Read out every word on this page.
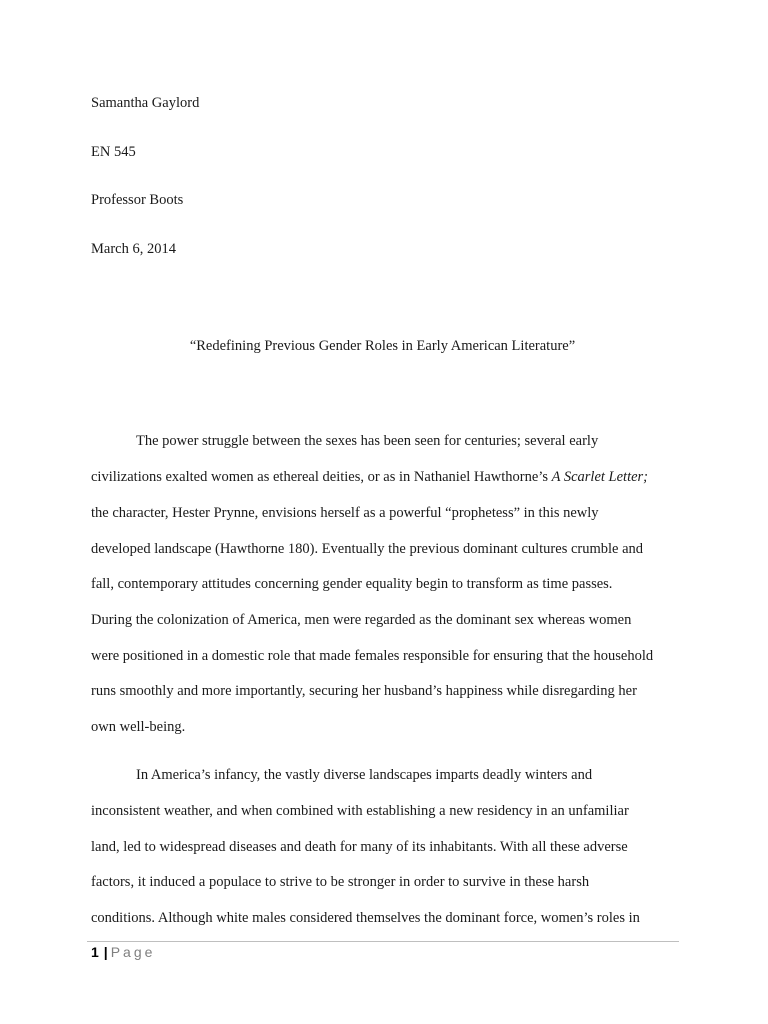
Samantha Gaylord
EN 545
Professor Boots
March 6, 2014
“Redefining Previous Gender Roles in Early American Literature”
The power struggle between the sexes has been seen for centuries; several early
civilizations exalted women as ethereal deities, or as in Nathaniel Hawthorne’s A Scarlet Letter;
the character, Hester Prynne, envisions herself as a powerful “prophetess” in this newly
developed landscape (Hawthorne 180). Eventually the previous dominant cultures crumble and
fall, contemporary attitudes concerning gender equality begin to transform as time passes.
During the colonization of America, men were regarded as the dominant sex whereas women
were positioned in a domestic role that made females responsible for ensuring that the household
runs smoothly and more importantly, securing her husband’s happiness while disregarding her
own well-being.
In America’s infancy, the vastly diverse landscapes imparts deadly winters and
inconsistent weather, and when combined with establishing a new residency in an unfamiliar
land, led to widespread diseases and death for many of its inhabitants. With all these adverse
factors, it induced a populace to strive to be stronger in order to survive in these harsh
conditions. Although white males considered themselves the dominant force, women’s roles in
1 | Page
